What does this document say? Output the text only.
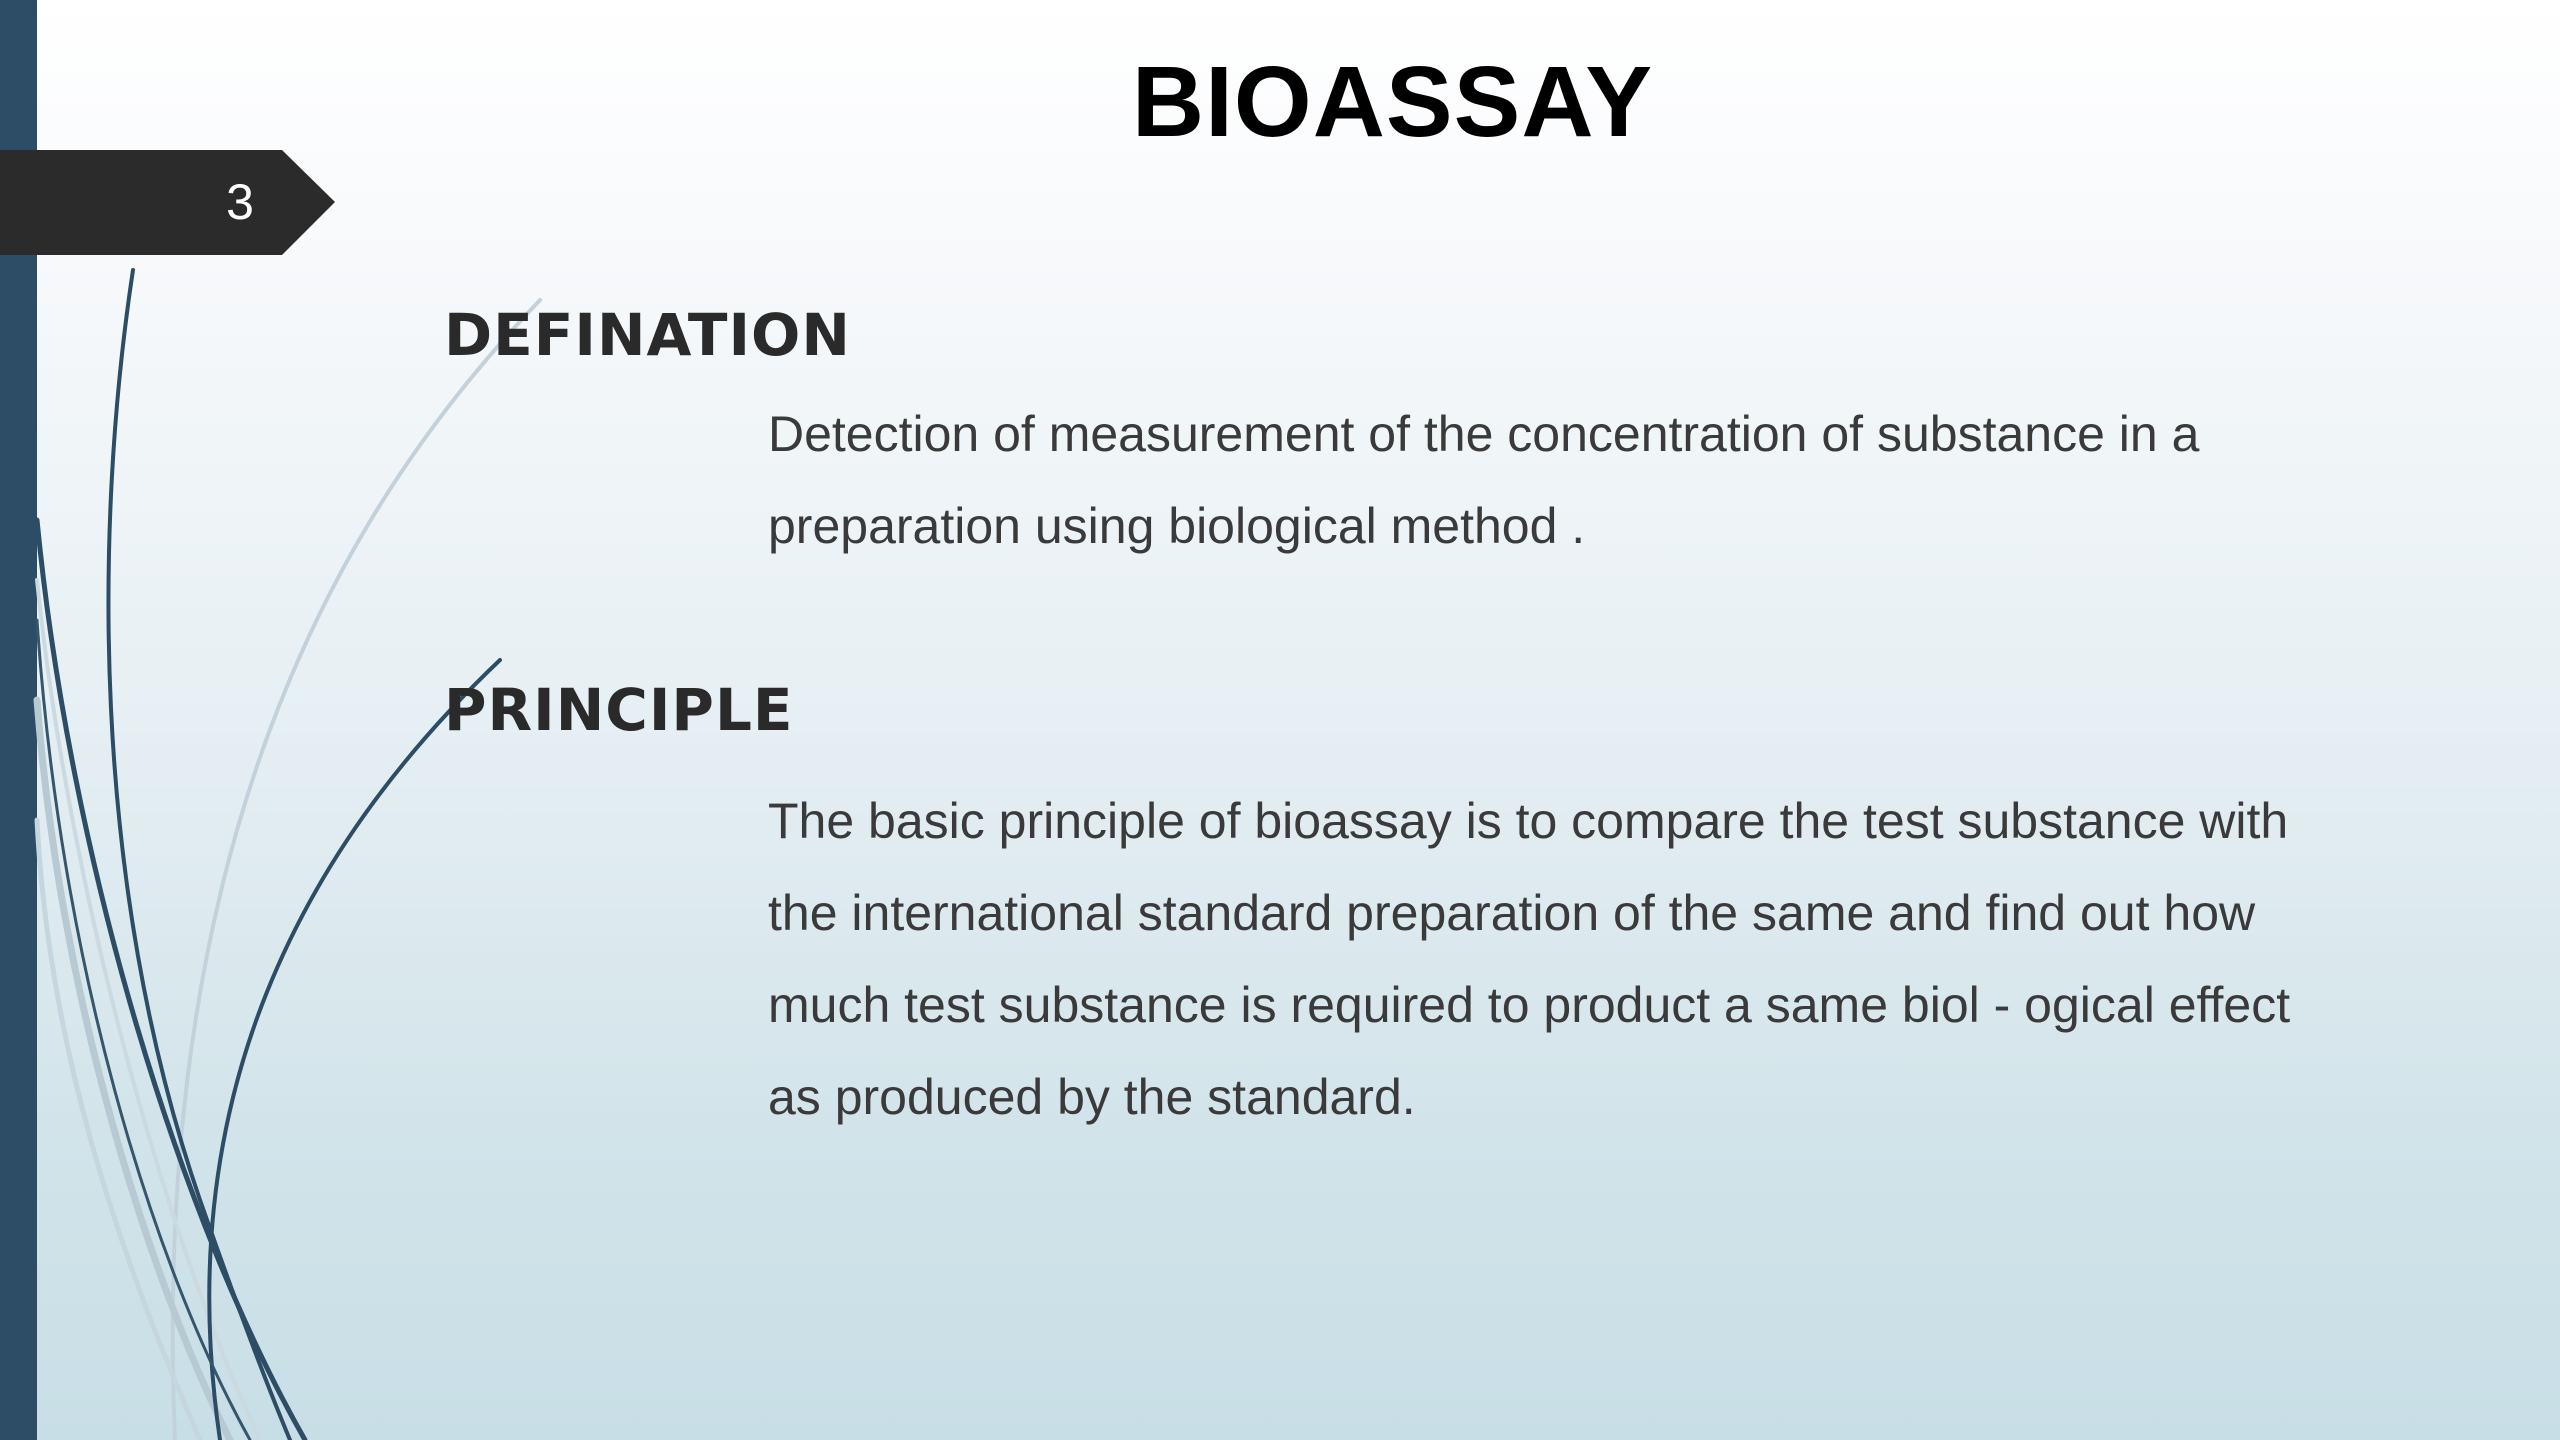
3
BIOASSAY
DEFINATION

Detection of measurement of the concentration of substance in a preparation using biological method .

PRINCIPLE

The basic principle of bioassay is to compare the test substance with the international standard preparation of the same and find out how much test substance is required to product a same biol - ogical effect as produced by the standard.
